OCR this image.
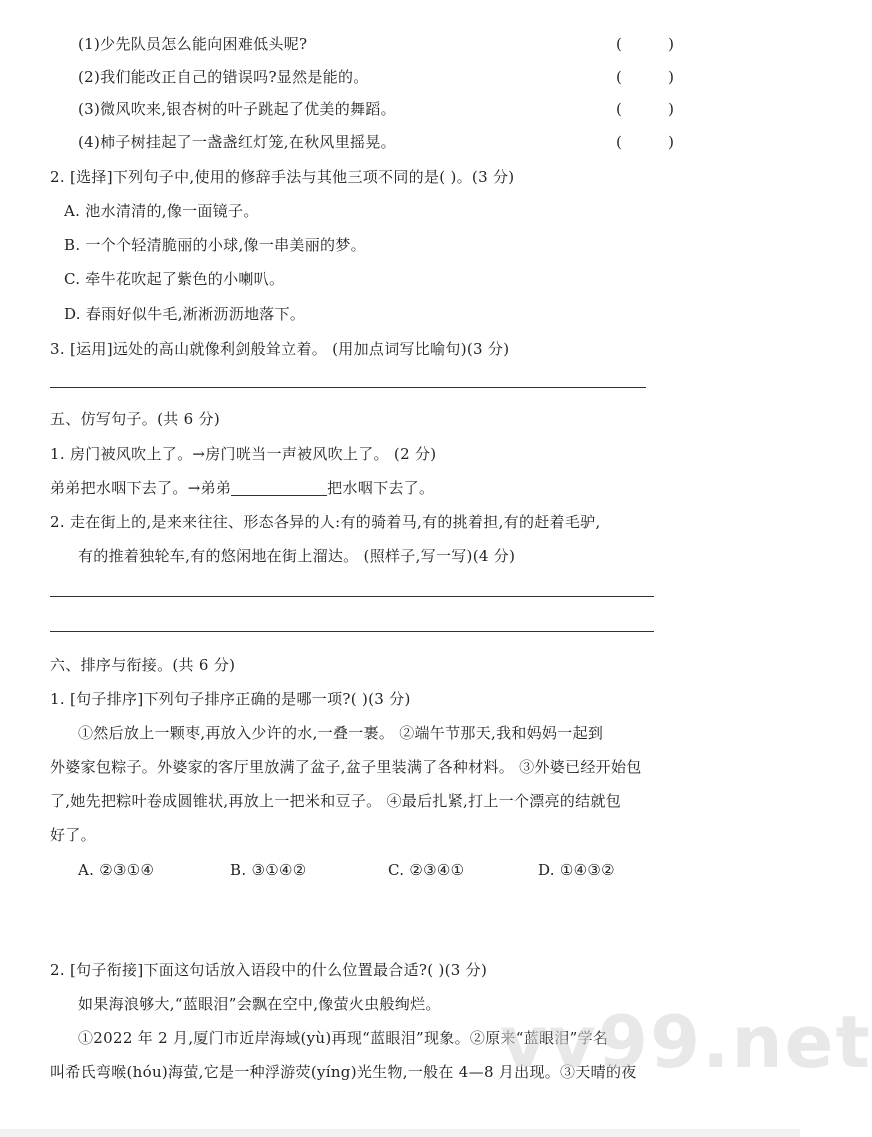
(1)少先队员怎么能向困难低头呢?	(	)
(2)我们能改正自己的错误吗?显然是能的。	(	)
(3)微风吹来,银杏树的叶子跳起了优美的舞蹈。	(	)
(4)柿子树挂起了一盏盏红灯笼,在秋风里摇晃。	(	)
2. [选择]下列句子中,使用的修辞手法与其他三项不同的是( )。(3 分)
A. 池水清清的,像一面镜子。
B. 一个个轻清脆丽的小球,像一串美丽的梦。
C. 牵牛花吹起了紫色的小喇叭。
D. 春雨好似牛毛,淅淅沥沥地落下。
3. [运用]远处的高山就像利剑般耸立着。 (用加点词写比喻句)(3 分)
五、仿写句子。(共 6 分)
1. 房门被风吹上了。→房门咣当一声被风吹上了。 (2 分)
弟弟把水咽下去了。→弟弟	把水咽下去了。
2. 走在街上的,是来来往往、形态各异的人:有的骑着马,有的挑着担,有的赶着毛驴,
有的推着独轮车,有的悠闲地在街上溜达。 (照样子,写一写)(4 分)
六、排序与衔接。(共 6 分)
1. [句子排序]下列句子排序正确的是哪一项?( )(3 分)
①然后放上一颗枣,再放入少许的水,一叠一裹。 ②端午节那天,我和妈妈一起到
外婆家包粽子。外婆家的客厅里放满了盆子,盆子里装满了各种材料。 ③外婆已经开始包
了,她先把粽叶卷成圆锥状,再放上一把米和豆子。 ④最后扎紧,打上一个漂亮的结就包
好了。
A. ②③①④	B. ③①④②	C. ②③④①	D. ①④③②
2. [句子衔接]下面这句话放入语段中的什么位置最合适?( )(3 分)
如果海浪够大,“蓝眼泪”会飘在空中,像萤火虫般绚烂。
①2022 年 2 月,厦门市近岸海域(yù)再现“蓝眼泪”现象。②原来“蓝眼泪”学名
叫希氏弯喉(hóu)海萤,它是一种浮游荧(yíng)光生物,一般在 4—8 月出现。③天晴的夜
vv99.net
